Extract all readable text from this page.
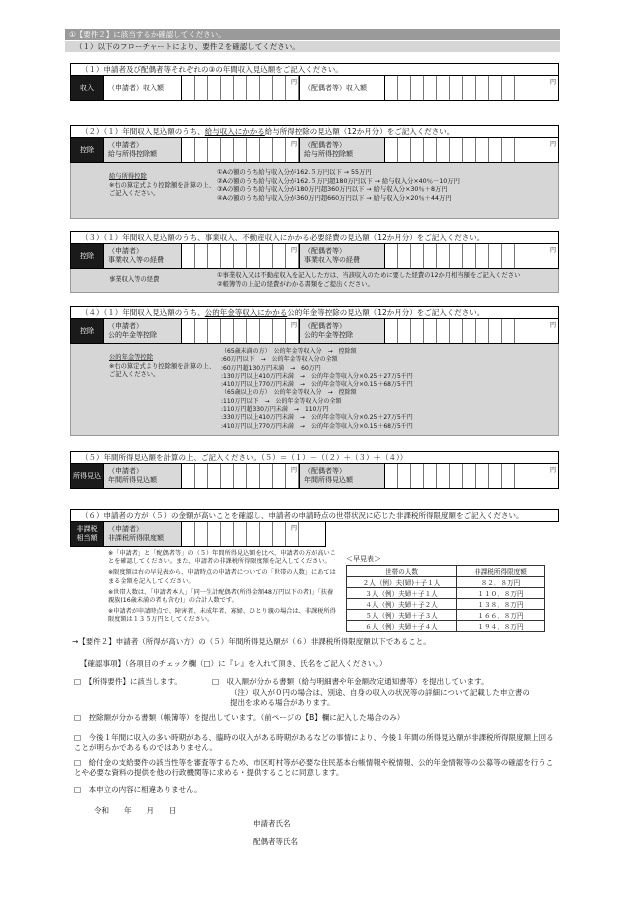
①【要件２】に該当するか確認してください。
（１）以下のフローチャートにより、要件２を確認してください。
（１）申請者及び配偶者等それぞれの③の年間収入見込額をご記入ください。
収入	（申請者）収入額
円
（配偶者等）収入額
円
（２）（１）年間収入見込額のうち、給与収入にかかる給与所得控除の見込額（12か月分）をご記入ください。
控除
（申請者）
給与所得控除額
円 （配偶者等）
給与所得控除額
円
給与所得控除
※右の算定式より控除額を計算の上、ご記入ください。
①Aの額のうち給与収入分が162.５万円以下 → 55万円
②Aの額のうち給与収入分が162.５万円超180万円以下 → 給与収入分×40％－10万円
③Aの額のうち給与収入分が180万円超360万円以下 → 給与収入分×30％＋8万円
④Aの額のうち給与収入分が360万円超660万円以下 → 給与収入分×20％＋44万円
（３）（１）年間収入見込額のうち、事業収入、不動産収入にかかる必要経費の見込額（12か月分）をご記入ください。
控除
（申請者）
事業収入等の経費
円 （配偶者等）
事業収入等の経費
円
事業収入等の経費
①事業収入又は不動産収入を記入した方は、当該収入のために要した経費の12か月相当額をご記入ください
②帳簿等の上記の経費がわかる書類をご提出ください。
（４）（１）年間収入見込額のうち、公的年金等収入にかかる公的年金等控除の見込額（12か月分）をご記入ください。
控除
（申請者）
公的年金等控除
円 （配偶者等）
公的年金等控除
円
公的年金等控除
※右の算定式より控除額を計算の上、ご記入ください。
（65歳未満の方）　公的年金等収入分　→　控除額
:60万円以下　→　公的年金等収入分の全額
:60万円超130万円未満　→　60万円
:130万円以上410万円未満　→　公的年金等収入分×0.25＋27万5千円
:410万円以上770万円未満　→　公的年金等収入分×0.15＋68万5千円
（65歳以上の方）　公的年金等収入分　→　控除額
:110万円以下　→　公的年金等収入分の全額
:110万円超330万円未満　→　110万円
:330万円以上410万円未満　→　公的年金等収入分×0.25＋27万5千円
:410万円以上770万円未満　→　公的年金等収入分×0.15＋68万5千円
（５）年間所得見込額を計算の上、ご記入ください。（５）＝（１）－（（２）＋（３）＋（４））
所得見込
（申請者）
年間所得見込額
円 （配偶者等）
年間所得見込額
円
（６）申請者の方が（５）の金額が高いことを確認し、申請者の申請時点の世帯状況に応じた非課税所得限度額をご記入ください。
非課税
相当額
（申請者）
非課税所得限度額
円
※「申請者」と「配偶者等」の（５）年間所得見込額を比べ、申請者の方が高いことを確認してください。また、申請者の非課税所得限度額を記入してください。
※限度額は右の早見表から、申請時点の申請者についての「世帯の人数」にあてはまる金額を記入してください。
※世帯人数は、「申請者本人」「同一生計配偶者(所得金額48万円以下の者)」「扶養親族(16歳未満の者も含む)」の合計人数です。
※申請者が申請時点で、障害者、未成年者、寡婦、ひとり親の場合は、非課税所得限度額は１３５万円としてください。
＜早見表＞
世帯の人数	非課税所得限度額
２人（例）夫(婦)＋子１人	８２．８万円
３人（例）夫婦＋子１人	１１０．８万円
４人（例）夫婦＋子２人	１３８．８万円
５人（例）夫婦＋子３人	１６６．８万円
６人（例）夫婦＋子４人	１９４．８万円
→【要件２】申請者（所得が高い方）の（５）年間所得見込額が（６）非課税所得限度額以下であること。
【確認事項】（各項目のチェック欄（□）に『レ』を入れて頂き、氏名をご記入ください。）
□　【所得要件】に該当します。	□　収入額が分かる書類（給与明細書や年金額改定通知書等）を提出しています。
（注）収入が０円の場合は、別途、自身の収入の状況等の詳細について記載した申立書の提出を求める場合があります。
□　控除額が分かる書類（帳簿等）を提出しています。（前ページの【B】欄に記入した場合のみ）
□　今後１年間に収入の多い時期がある、臨時の収入がある時期があるなどの事情により、今後１年間の所得見込額が非課税所得限度額上回ることが明らかであるものではありません。
□　給付金の支給要件の該当性等を審査等するため、市区町村等が必要な住民基本台帳情報や税情報、公的年金情報等の公募等の確認を行うことや必要な資料の提供を他の行政機関等に求める・提供することに同意します。
□　本申立の内容に相違ありません。
令和　　年　　月　　日
申請者氏名
配偶者等氏名
